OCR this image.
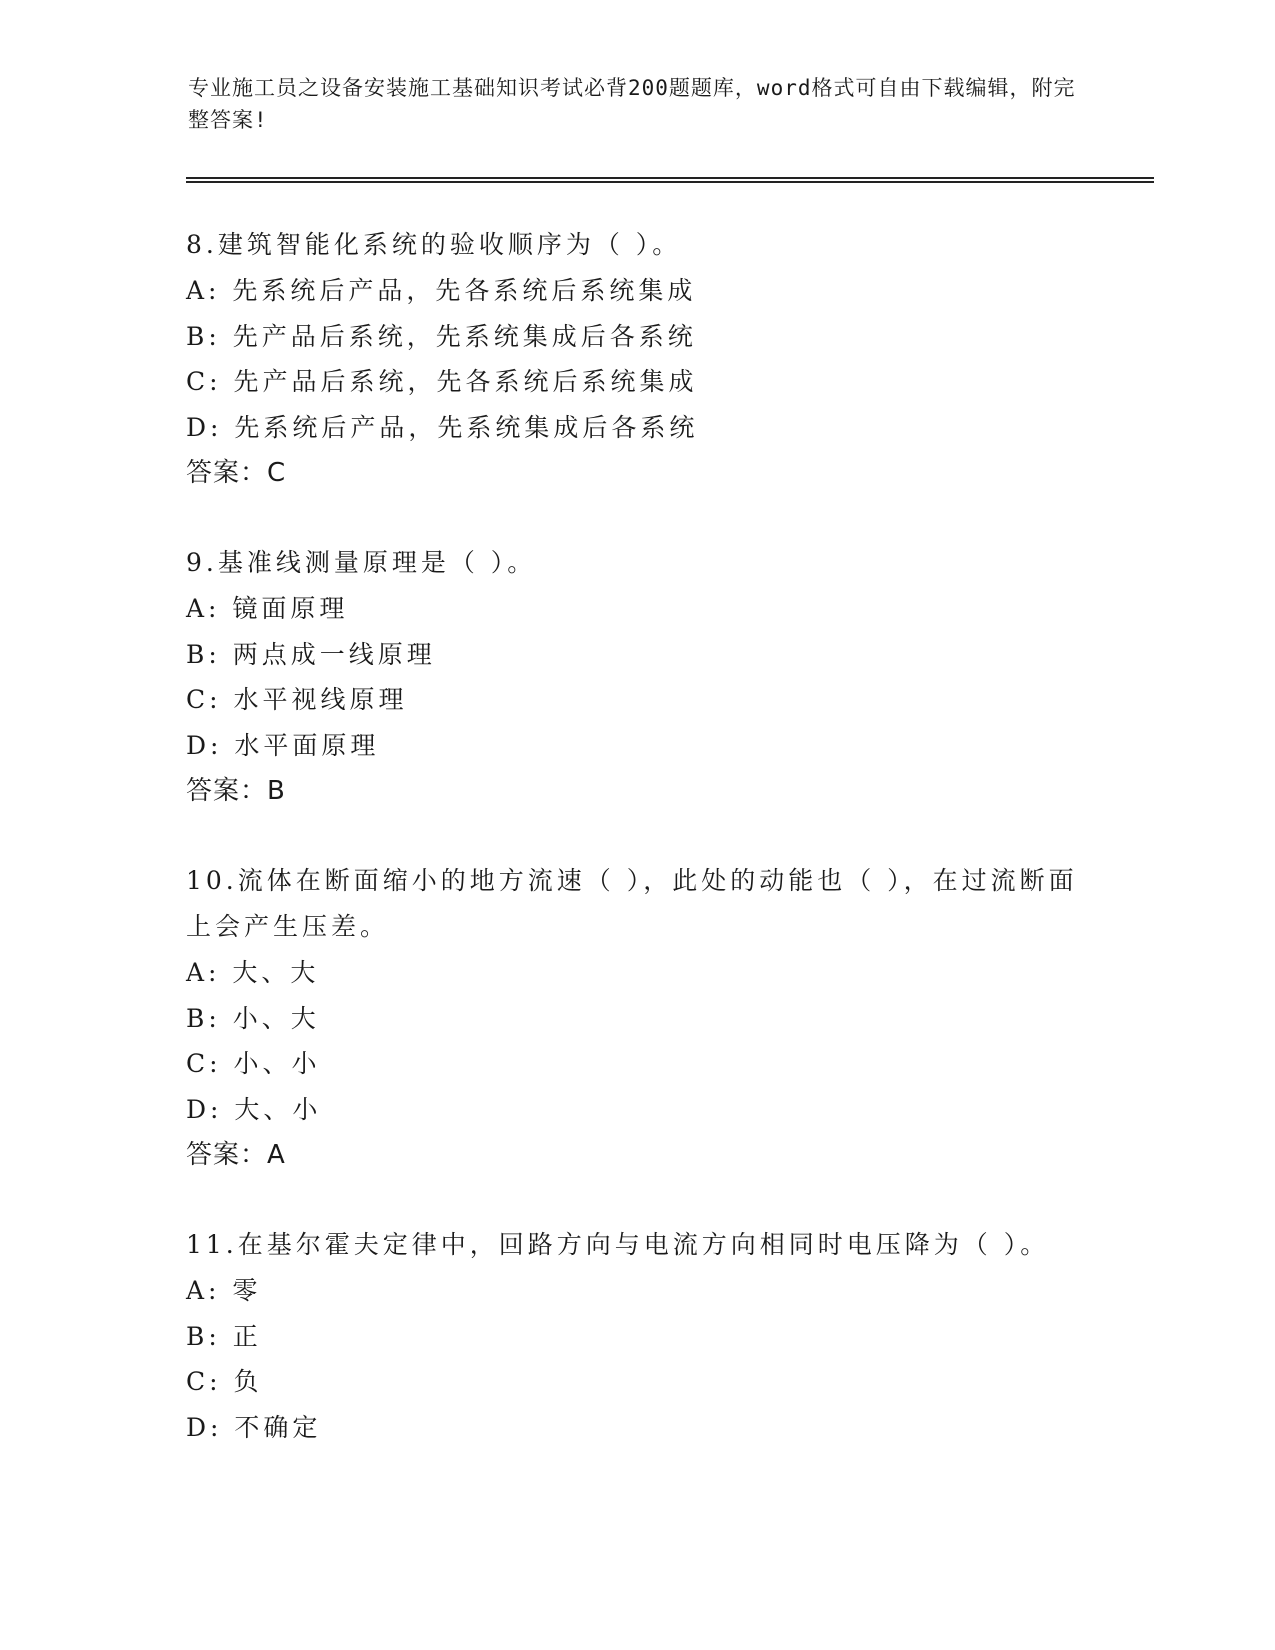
专业施工员之设备安装施工基础知识考试必背200题题库，word格式可自由下载编辑，附完整答案!
8.建筑智能化系统的验收顺序为（ ）。
A: 先系统后产品，先各系统后系统集成
B: 先产品后系统，先系统集成后各系统
C: 先产品后系统，先各系统后系统集成
D: 先系统后产品，先系统集成后各系统
答案：C
9.基准线测量原理是（ ）。
A: 镜面原理
B: 两点成一线原理
C: 水平视线原理
D: 水平面原理
答案：B
10.流体在断面缩小的地方流速（ ），此处的动能也（ ），在过流断面上会产生压差。
A: 大、大
B: 小、大
C: 小、小
D: 大、小
答案：A
11.在基尔霍夫定律中，回路方向与电流方向相同时电压降为（ ）。
A: 零
B: 正
C: 负
D: 不确定
